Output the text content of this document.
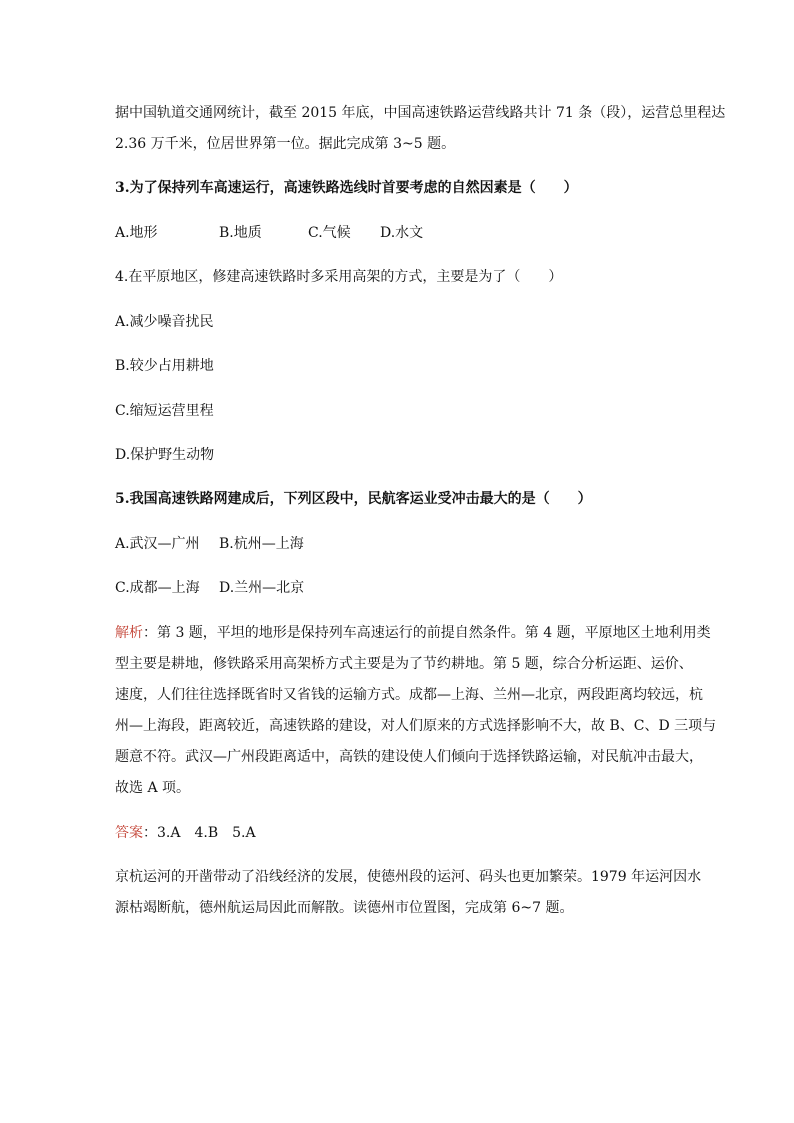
据中国轨道交通网统计，截至 2015 年底，中国高速铁路运营线路共计 71 条（段），运营总里程达
2.36 万千米，位居世界第一位。据此完成第 3~5 题。
3.为了保持列车高速运行，高速铁路选线时首要考虑的自然因素是（　　）
A.地形	B.地质	C.气候 D.水文
4.在平原地区，修建高速铁路时多采用高架的方式，主要是为了（　　）
A.减少噪音扰民
B.较少占用耕地
C.缩短运营里程
D.保护野生动物
5.我国高速铁路网建成后，下列区段中，民航客运业受冲击最大的是（　　）
A.武汉—广州 B.杭州—上海
C.成都—上海 D.兰州—北京
解析：第 3 题，平坦的地形是保持列车高速运行的前提自然条件。第 4 题，平原地区土地利用类
型主要是耕地，修铁路采用高架桥方式主要是为了节约耕地。第 5 题，综合分析运距、运价、
速度，人们往往选择既省时又省钱的运输方式。成都—上海、兰州—北京，两段距离均较远，杭
州—上海段，距离较近，高速铁路的建设，对人们原来的方式选择影响不大，故 B、C、D 三项与
题意不符。武汉—广州段距离适中，高铁的建设使人们倾向于选择铁路运输，对民航冲击最大，
故选 A 项。
答案：3.A　4.B　5.A
京杭运河的开凿带动了沿线经济的发展，使德州段的运河、码头也更加繁荣。1979 年运河因水
源枯竭断航，德州航运局因此而解散。读德州市位置图，完成第 6~7 题。
